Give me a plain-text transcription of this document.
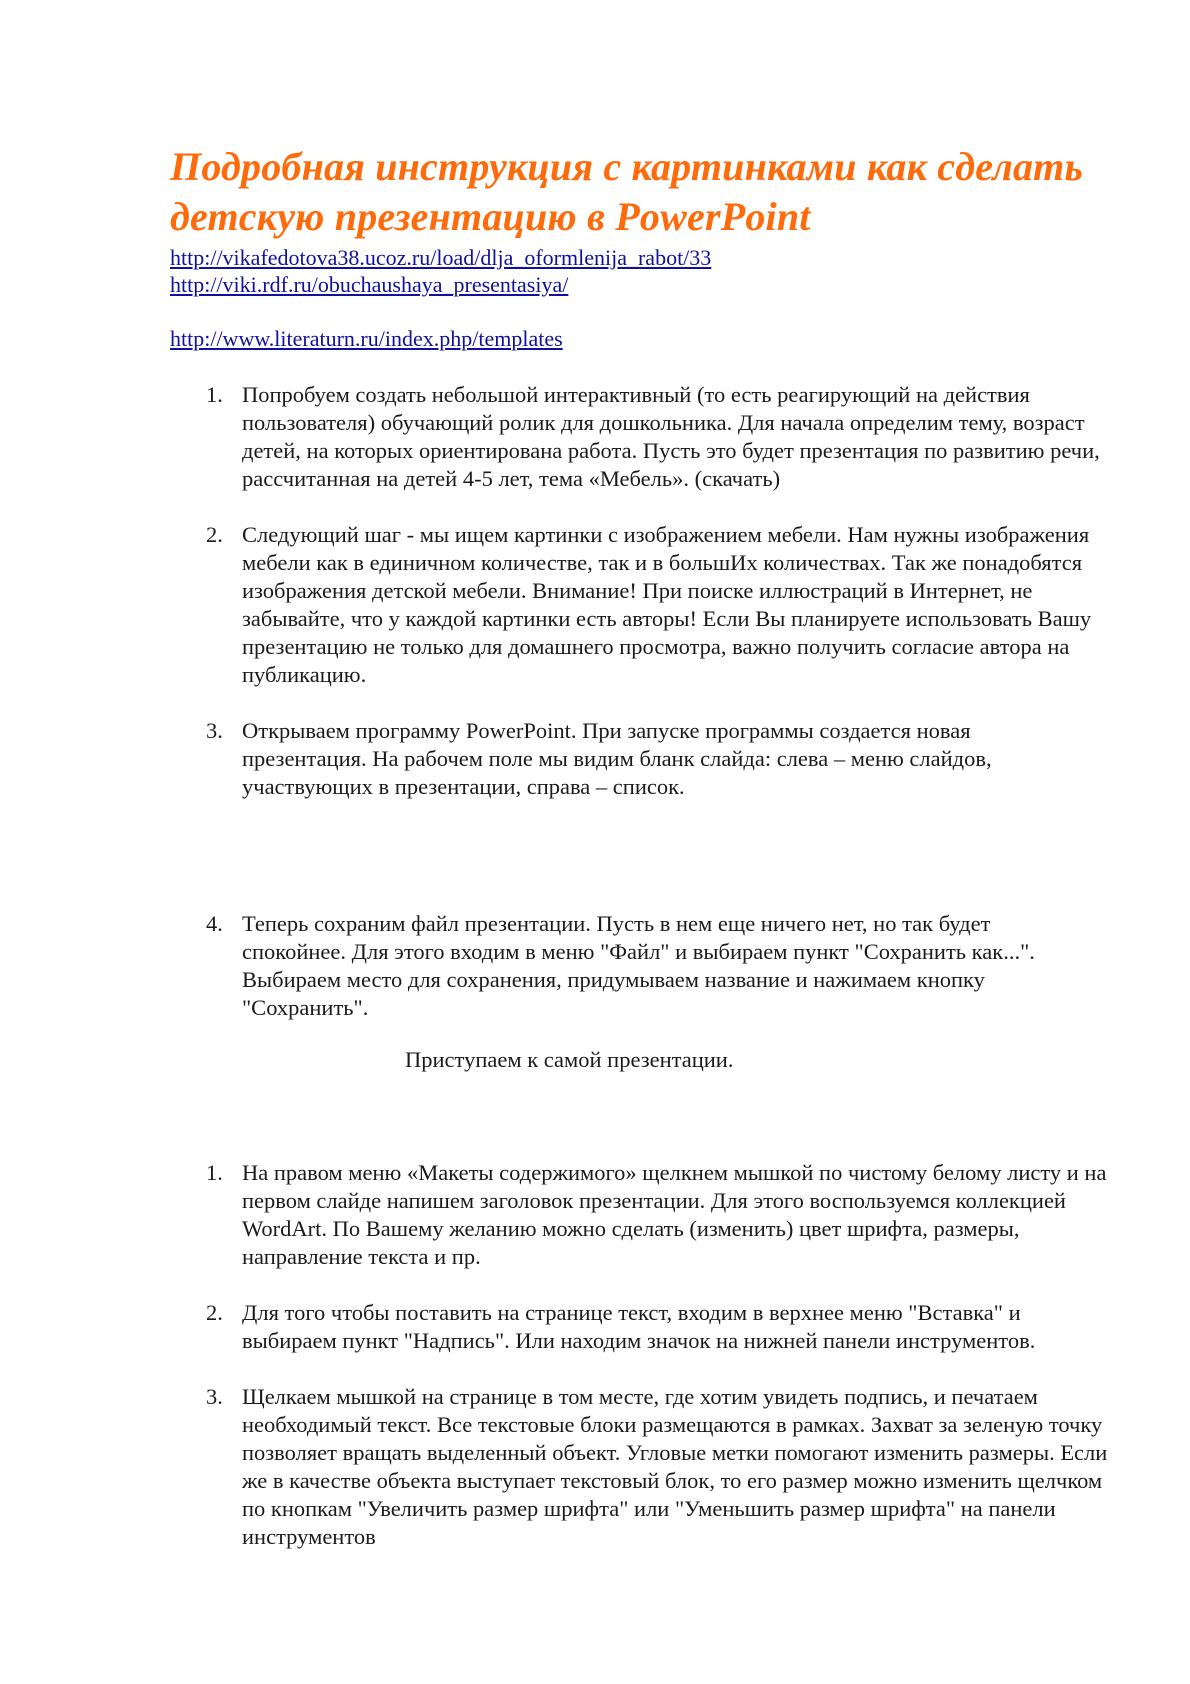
Подробная инструкция с картинками как сделать детскую презентацию в PowerPoint
http://vikafedotova38.ucoz.ru/load/dlja_oformlenija_rabot/33
http://viki.rdf.ru/obuchaushaya_presentasiya/
http://www.literaturn.ru/index.php/templates
1. Попробуем создать небольшой интерактивный (то есть реагирующий на действия пользователя) обучающий ролик для дошкольника. Для начала определим тему, возраст детей, на которых ориентирована работа. Пусть это будет презентация по развитию речи, рассчитанная на детей 4-5 лет, тема «Мебель». (скачать)
2. Следующий шаг - мы ищем картинки с изображением мебели. Нам нужны изображения мебели как в единичном количестве, так и в большИх количествах. Так же понадобятся изображения детской мебели. Внимание! При поиске иллюстраций в Интернет, не забывайте, что у каждой картинки есть авторы! Если Вы планируете использовать Вашу презентацию не только для домашнего просмотра, важно получить согласие автора на публикацию.
3. Открываем программу PowerPoint. При запуске программы создается новая презентация. На рабочем поле мы видим бланк слайда: слева – меню слайдов, участвующих в презентации, справа – список.
4. Теперь сохраним файл презентации. Пусть в нем еще ничего нет, но так будет спокойнее. Для этого входим в меню "Файл" и выбираем пункт "Сохранить как...". Выбираем место для сохранения, придумываем название и нажимаем кнопку "Сохранить".
Приступаем к самой презентации.
1. На правом меню «Макеты содержимого» щелкнем мышкой по чистому белому листу и на первом слайде напишем заголовок презентации. Для этого воспользуемся коллекцией WordArt. По Вашему желанию можно сделать (изменить) цвет шрифта, размеры, направление текста и пр.
2. Для того чтобы поставить на странице текст, входим в верхнее меню "Вставка" и выбираем пункт "Надпись". Или находим значок на нижней панели инструментов.
3. Щелкаем мышкой на странице в том месте, где хотим увидеть подпись, и печатаем необходимый текст. Все текстовые блоки размещаются в рамках. Захват за зеленую точку позволяет вращать выделенный объект. Угловые метки помогают изменить размеры. Если же в качестве объекта выступает текстовый блок, то его размер можно изменить щелчком по кнопкам "Увеличить размер шрифта" или "Уменьшить размер шрифта" на панели инструментов
